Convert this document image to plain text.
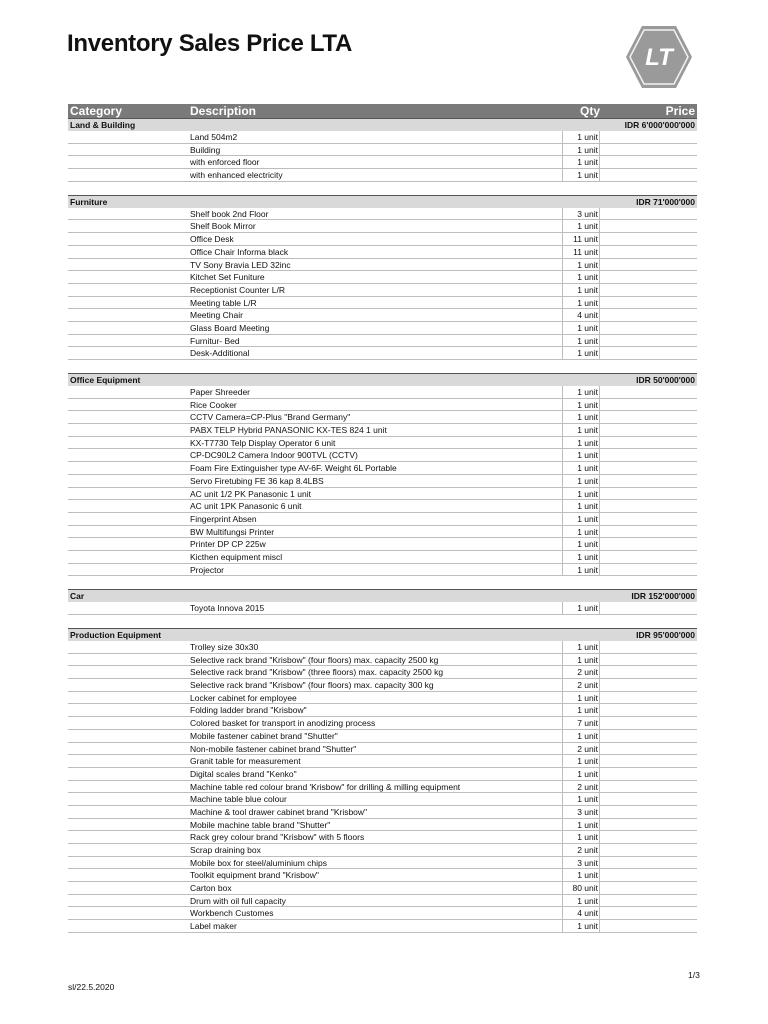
Inventory Sales Price LTA
LT
Category	Description	Qty	Price
Land & Building	IDR 6'000'000'000
Land 504m2	1 unit
Building	1 unit
with enforced floor	1 unit
with enhanced electricity	1 unit
Furniture	IDR 71'000'000
Shelf book 2nd Floor	3 unit
Shelf Book Mirror	1 unit
Office Desk	11 unit
Office Chair Informa black	11 unit
TV Sony Bravia LED 32inc	1 unit
Kitchet Set Funiture	1 unit
Receptionist Counter L/R	1 unit
Meeting table L/R	1 unit
Meeting Chair	4 unit
Glass Board Meeting	1 unit
Furnitur- Bed	1 unit
Desk-Additional	1 unit
Office Equipment	IDR 50'000'000
Paper Shreeder	1 unit
Rice Cooker	1 unit
CCTV Camera=CP-Plus "Brand Germany"	1 unit
PABX TELP Hybrid PANASONIC KX-TES 824 1 unit	1 unit
KX-T7730 Telp Display Operator 6 unit	1 unit
CP-DC90L2 Camera Indoor 900TVL (CCTV)	1 unit
Foam Fire Extinguisher type AV-6F. Weight 6L Portable	1 unit
Servo Firetubing FE 36 kap 8.4LBS	1 unit
AC unit 1/2 PK Panasonic 1 unit	1 unit
AC unit 1PK Panasonic 6 unit	1 unit
Fingerprint Absen	1 unit
BW Multifungsi Printer	1 unit
Printer DP CP 225w	1 unit
Kicthen equipment miscl	1 unit
Projector	1 unit
Car	IDR 152'000'000
Toyota Innova 2015	1 unit
Production Equipment	IDR 95'000'000
Trolley size 30x30	1 unit
Selective rack brand "Krisbow" (four floors) max. capacity 2500 kg	1 unit
Selective rack brand "Krisbow" (three floors) max. capacity 2500 kg	2 unit
Selective rack brand "Krisbow" (four floors) max. capacity 300 kg	2 unit
Locker cabinet for employee	1 unit
Folding ladder brand "Krisbow"	1 unit
Colored basket for transport in anodizing process	7 unit
Mobile fastener cabinet brand "Shutter"	1 unit
Non-mobile fastener cabinet brand "Shutter"	2 unit
Granit table for measurement	1 unit
Digital scales brand "Kenko"	1 unit
Machine table red colour brand 'Krisbow" for drilling & milling equipment	2 unit
Machine table blue colour	1 unit
Machine & tool drawer cabinet brand "Krisbow"	3 unit
Mobile machine table brand "Shutter"	1 unit
Rack grey colour brand "Krisbow" with 5 floors	1 unit
Scrap draining box	2 unit
Mobile box for steel/aluminium chips	3 unit
Toolkit equipment brand "Krisbow"	1 unit
Carton box	80 unit
Drum with oil full capacity	1 unit
Workbench Customes	4 unit
Label maker	1 unit
1/3
sl/22.5.2020
